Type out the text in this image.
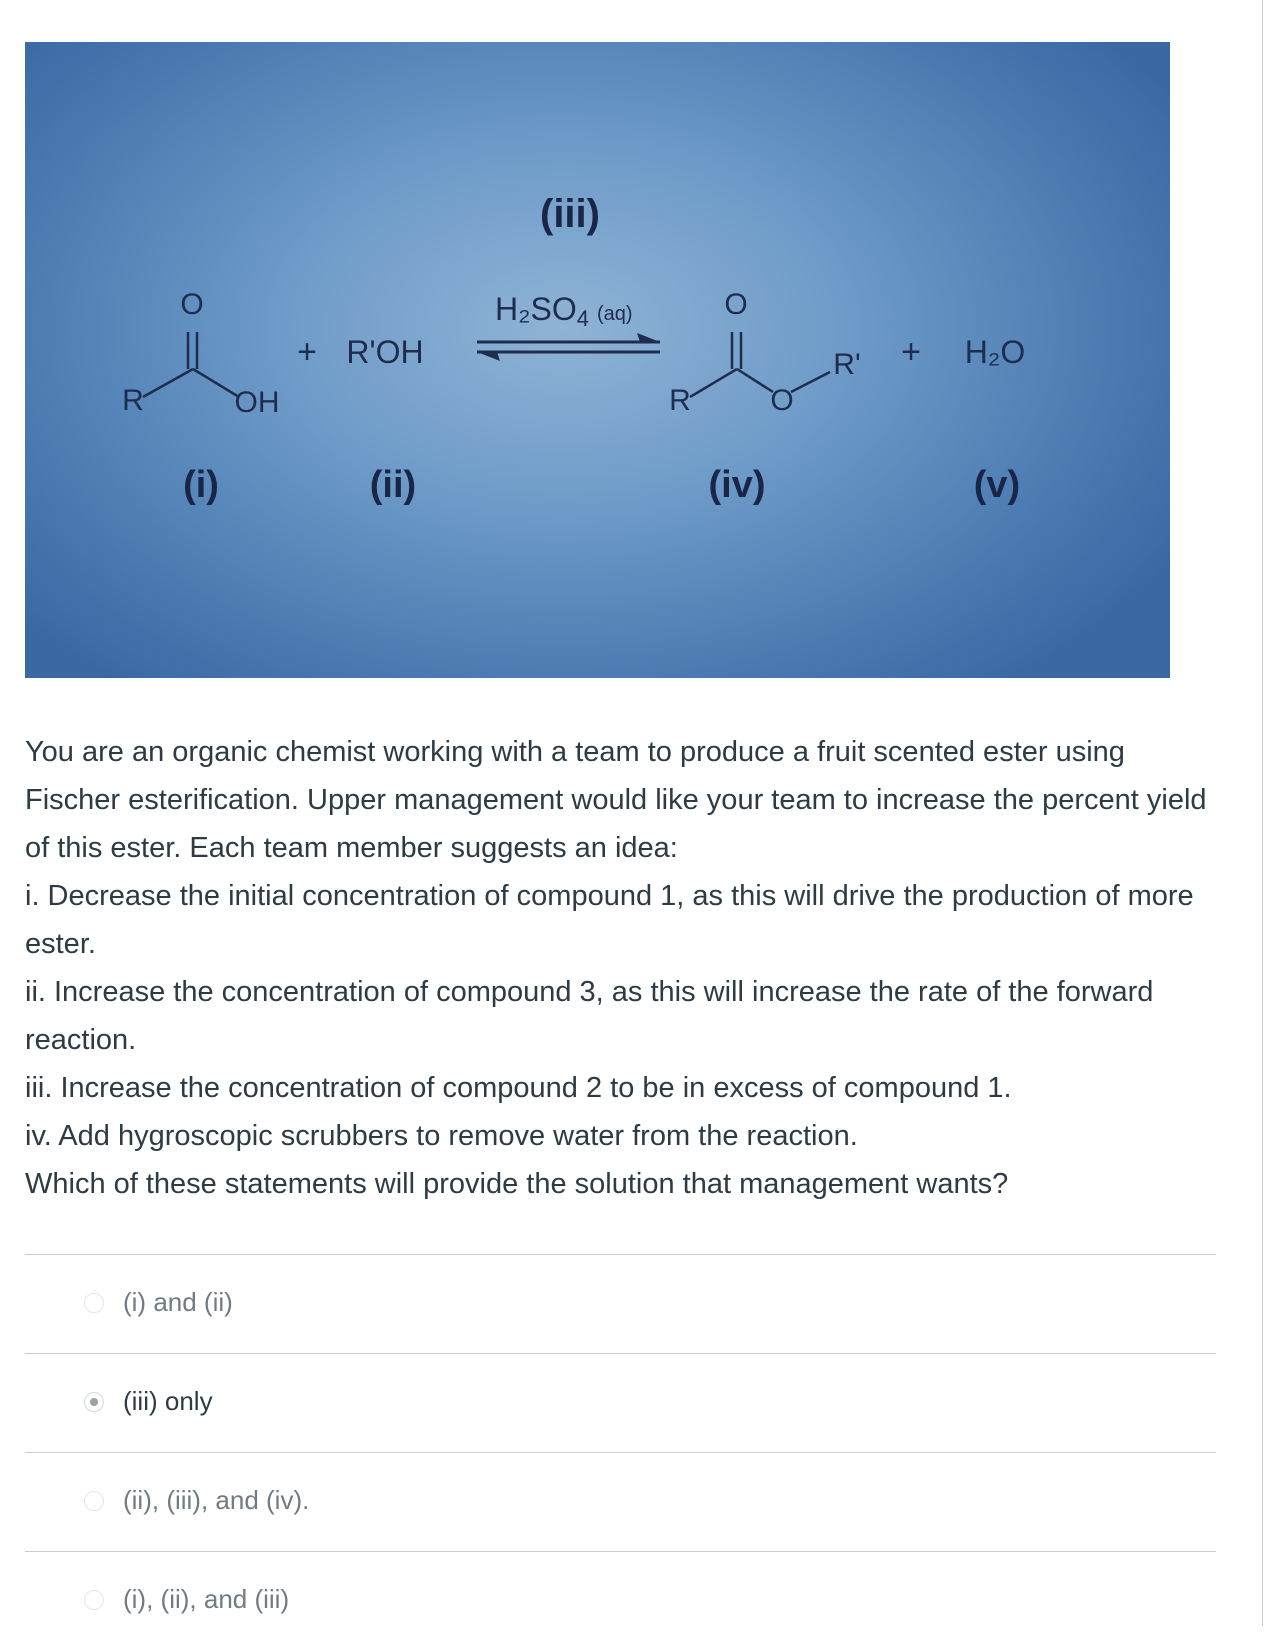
(iii)
O
R	OH
+ R'OH
H₂SO4 (aq)	O
R	O
R' + H₂O
(i)	(ii)	(iv)	(v)

You are an organic chemist working with a team to produce a fruit scented ester using Fischer esterification. Upper management would like your team to increase the percent yield of this ester. Each team member suggests an idea:

i. Decrease the initial concentration of compound 1, as this will drive the production of more ester.

ii. Increase the concentration of compound 3, as this will increase the rate of the forward reaction.

iii. Increase the concentration of compound 2 to be in excess of compound 1.

iv. Add hygroscopic scrubbers to remove water from the reaction.

Which of these statements will provide the solution that management wants?

(i) and (ii)
(iii) only
(ii), (iii), and (iv).
(i), (ii), and (iii)
